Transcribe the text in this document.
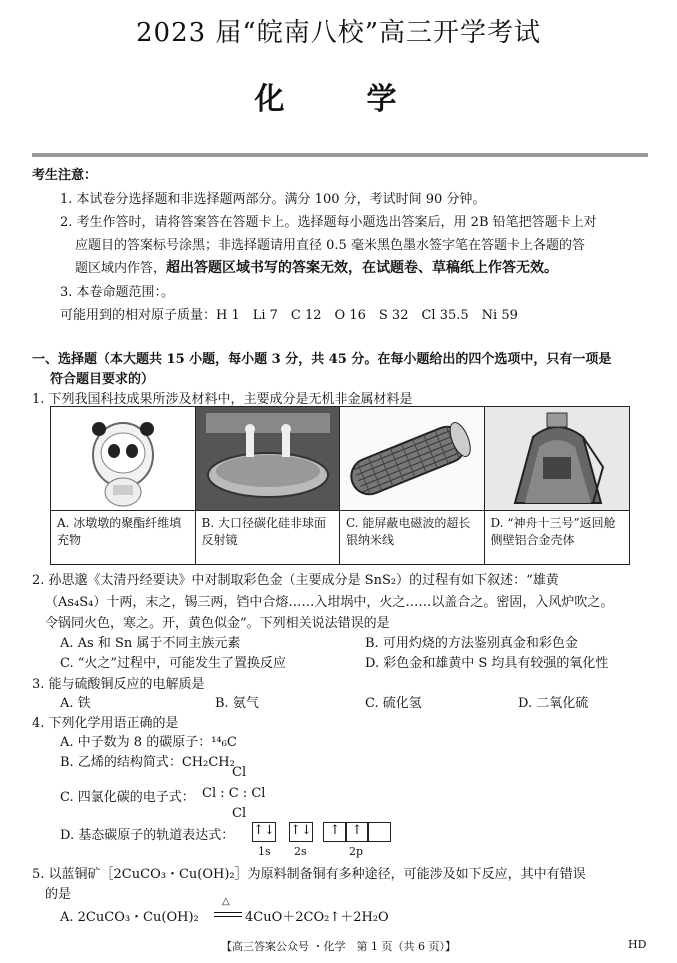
2023 届“皖南八校”高三开学考试
化　学
考生注意：
1. 本试卷分选择题和非选择题两部分。满分 100 分，考试时间 90 分钟。
2. 考生作答时，请将答案答在答题卡上。选择题每小题选出答案后，用 2B 铅笔把答题卡上对
应题目的答案标号涂黑；非选择题请用直径 0.5 毫米黑色墨水签字笔在答题卡上各题的答
题区域内作答，超出答题区域书写的答案无效，在试题卷、草稿纸上作答无效。
3. 本卷命题范围：。
可能用到的相对原子质量：H 1　Li 7　C 12　O 16　S 32　Cl 35.5　Ni 59
一、选择题（本大题共 15 小题，每小题 3 分，共 45 分。在每小题给出的四个选项中，只有一项是
符合题目要求的）
1. 下列我国科技成果所涉及材料中，主要成分是无机非金属材料是
A. 冰墩墩的聚酯纤维填充物
B. 大口径碳化硅非球面反射镜
C. 能屏蔽电磁波的超长银纳米线
D. “神舟十三号”返回舱侧壁铝合金壳体
2. 孙思邈《太清丹经要诀》中对制取彩色金（主要成分是 SnS₂）的过程有如下叙述：“雄黄
（As₄S₄）十两，末之，锡三两，铛中合熔……入坩埚中，火之……以盖合之。密固，入风炉吹之。
令锅同火色，寒之。开，黄色似金”。下列相关说法错误的是
A. As 和 Sn 属于不同主族元素	B. 可用灼烧的方法鉴别真金和彩色金
C. “火之”过程中，可能发生了置换反应	D. 彩色金和雄黄中 S 均具有较强的氧化性
3. 能与硫酸铜反应的电解质是
A. 铁	B. 氨气	C. 硫化氢	D. 二氧化硫
4. 下列化学用语正确的是
A. 中子数为 8 的碳原子：¹⁴₆C
B. 乙烯的结构简式：CH₂CH₂
Cl
C. 四氯化碳的电子式： Cl : C : Cl
Cl
D. 基态碳原子的轨道表达式： ↑↓ ↑↓	↑ ↑
1s 2s	2p
5. 以蓝铜矿［2CuCO₃・Cu(OH)₂］为原料制备铜有多种途径，可能涉及如下反应，其中有错误
的是
A. 2CuCO₃・Cu(OH)₂
△
4CuO＋2CO₂↑＋2H₂O
【高三答案公众号 ・化学　第 1 页（共 6 页）】	HD
